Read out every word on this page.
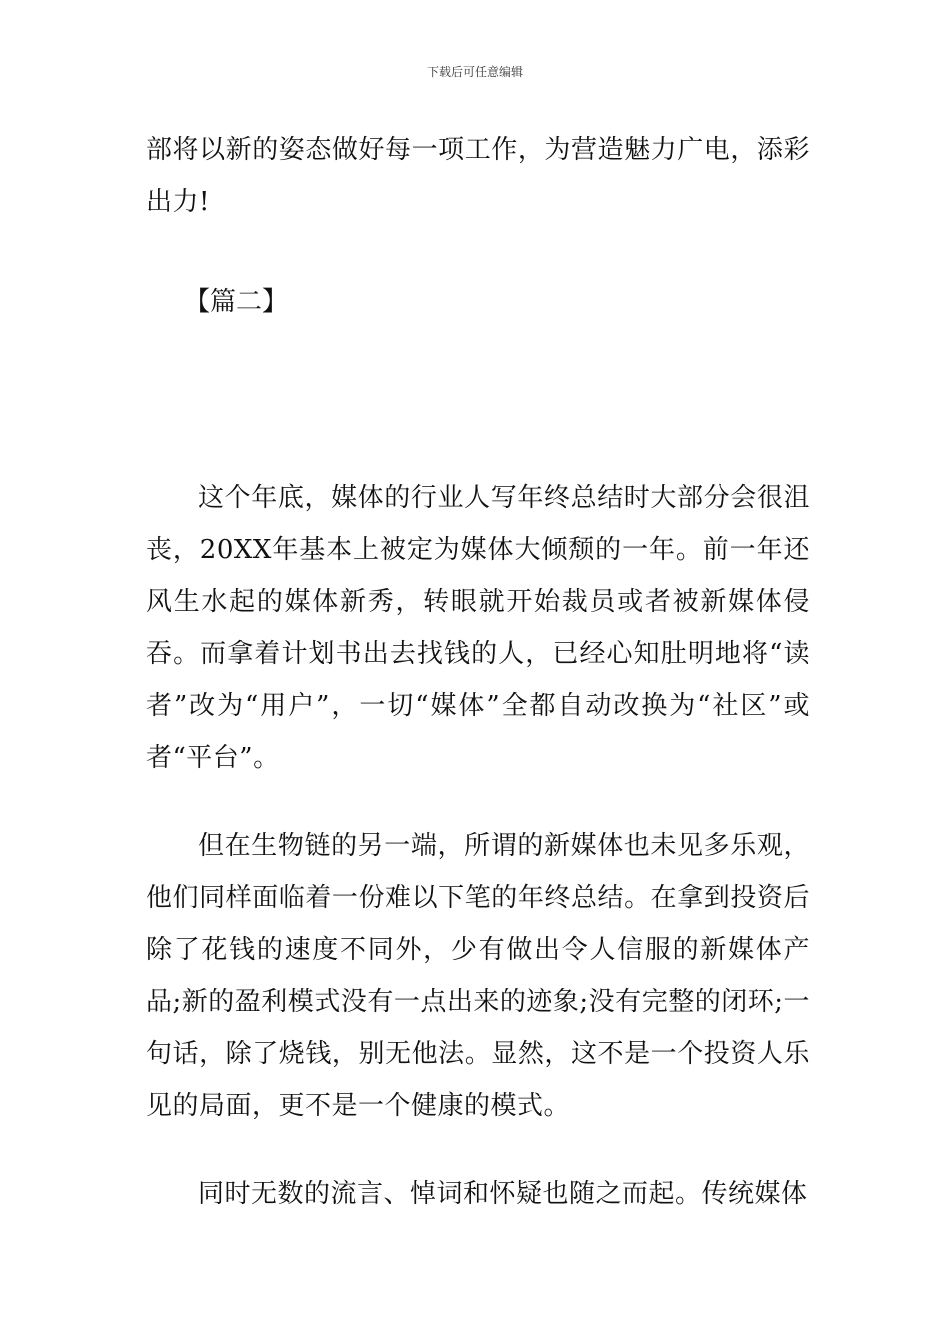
下载后可任意编辑

部将以新的姿态做好每一项工作，为营造魅力广电，添彩出力!

【篇二】

这个年底，媒体的行业人写年终总结时大部分会很沮丧，20XX年基本上被定为媒体大倾颓的一年。前一年还风生水起的媒体新秀，转眼就开始裁员或者被新媒体侵吞。而拿着计划书出去找钱的人，已经心知肚明地将“读者”改为“用户”，一切“媒体”全都自动改换为“社区”或者“平台”。

但在生物链的另一端，所谓的新媒体也未见多乐观，他们同样面临着一份难以下笔的年终总结。在拿到投资后除了花钱的速度不同外，少有做出令人信服的新媒体产品;新的盈利模式没有一点出来的迹象;没有完整的闭环;一句话，除了烧钱，别无他法。显然，这不是一个投资人乐见的局面，更不是一个健康的模式。

同时无数的流言、悼词和怀疑也随之而起。传统媒体
